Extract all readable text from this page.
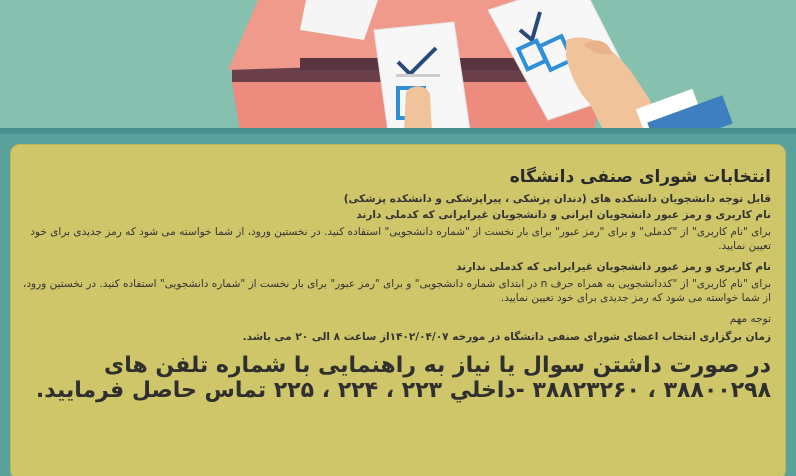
انتخابات شورای صنفی دانشگاه
قابل توجه دانشجویان دانشکده های (دندان پزشکی ، پیراپزشکی و دانشکده پزشکی)
نام کاربری و رمز عبور دانشجویان ایرانی و دانشجویان غیرایرانی که کدملی دارند
برای "نام کاربری" از "کدملی" و برای "رمز عبور" برای بار نخست از "شماره دانشجویی" استفاده کنید. در نخستین ورود، از شما خواسته می شود که رمز جدیدی برای خود تعیین نمایید.
نام کاربری و رمز عبور دانشجویان غیرایرانی که کدملی ندارند
برای "نام کاربری" از "کددانشجویی به همراه حرف n در ابتدای شماره دانشجویی" و برای "رمز عبور" برای بار نخست از "شماره دانشجویی" استفاده کنید. در نخستین ورود، از شما خواسته می شود که رمز جدیدی برای خود تعیین نمایید.
توجه مهم
زمان برگزاری انتخاب اعضای شورای صنفی دانشگاه در مورخه ۱۴۰۲/۰۴/۰۷از ساعت ۸ الی ۲۰ می باشد.
در صورت داشتن سوال یا نیاز به راهنمایی با شماره تلفن های ۳۸۸۰۰۲۹۸ ، ۳۸۸۲۳۲۶۰ -داخلي ۲۲۳ ، ۲۲۴ ، ۲۲۵ تماس حاصل فرمایید.
